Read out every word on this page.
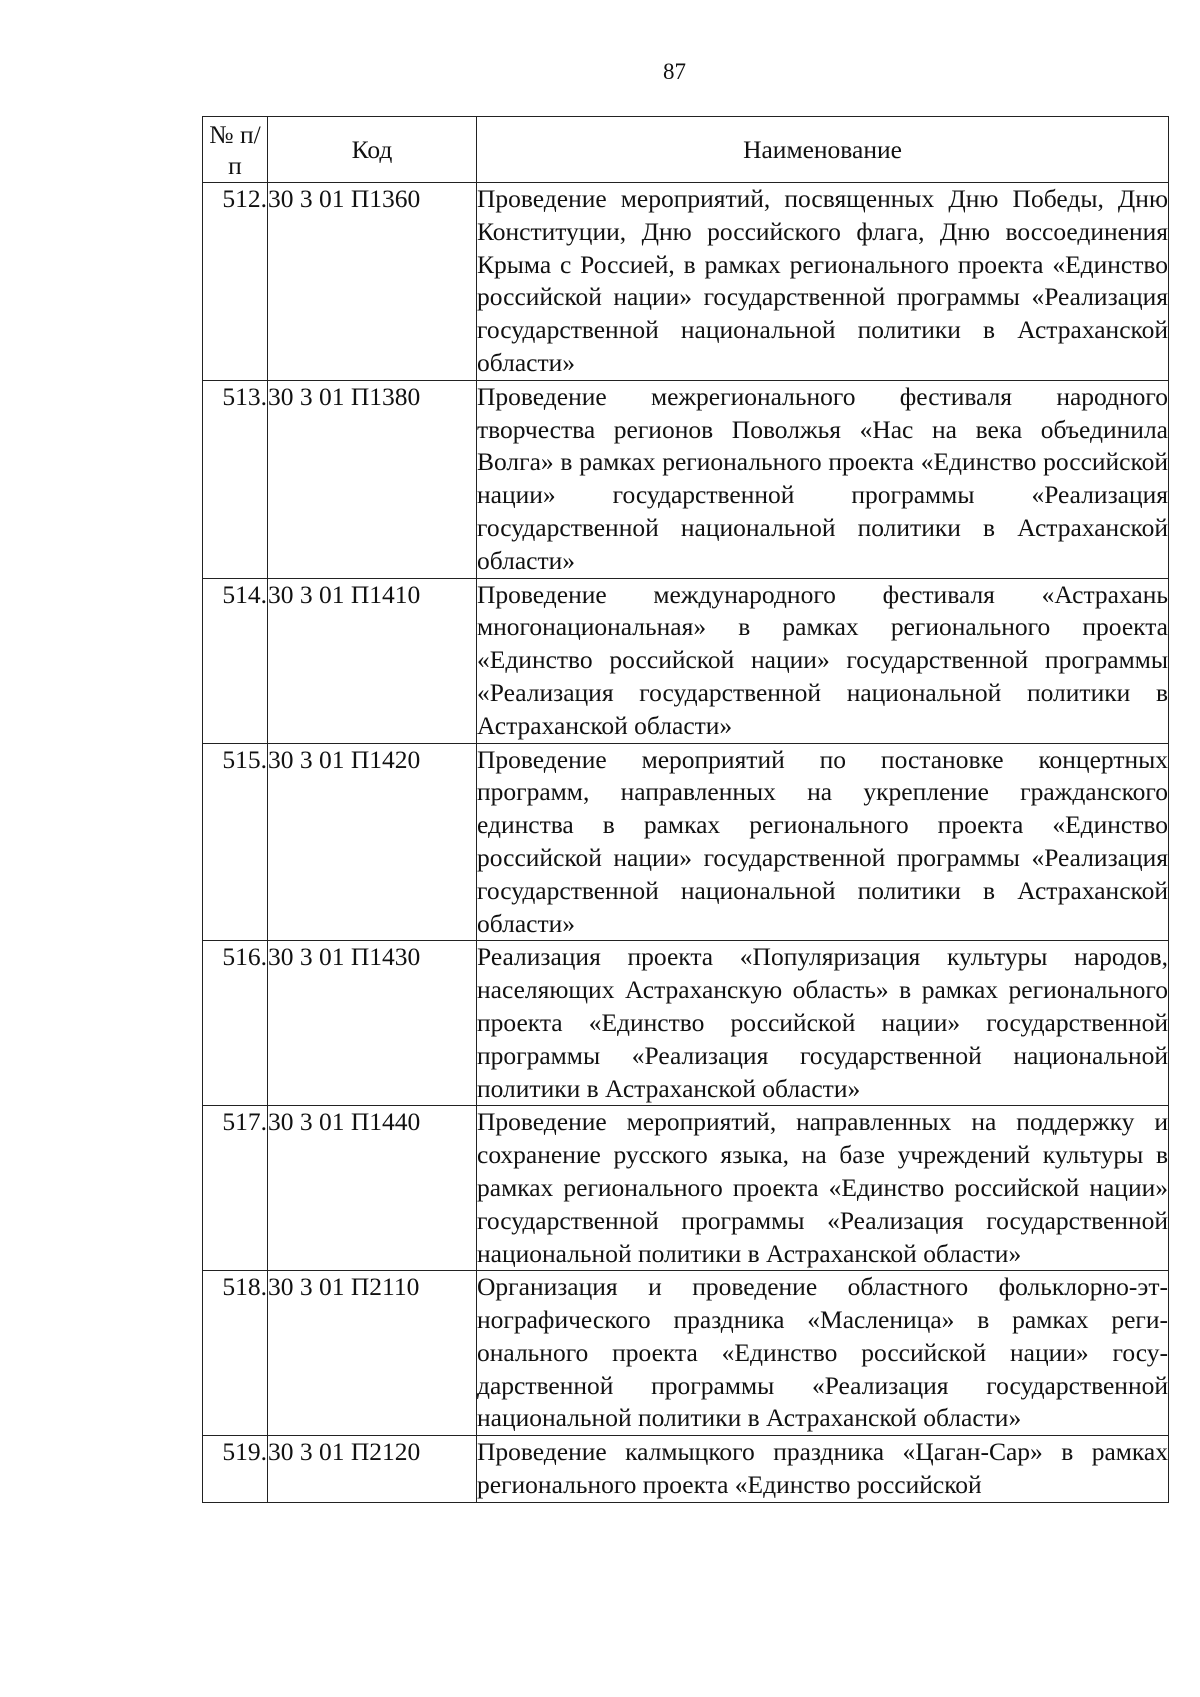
87
№ п/п	Код	Наименование
512.	30 3 01 П1360	Проведение мероприятий, посвященных Дню Победы, Дню Конституции, Дню российского флага, Дню воссоединения Крыма с Россией, в рамках регионального проекта «Единство российской нации» государственной программы «Реализация государственной национальной политики в Астраханской области»
513.	30 3 01 П1380	Проведение межрегионального фестиваля народного творчества регионов Поволжья «Нас на века объединила Волга» в рамках регионального проекта «Единство российской нации» государственной программы «Реализация государственной национальной политики в Астраханской области»
514.	30 3 01 П1410	Проведение международного фестиваля «Астрахань многонациональная» в рамках регионального проекта «Единство российской нации» государственной программы «Реализация государственной национальной политики в Астраханской области»
515.	30 3 01 П1420	Проведение мероприятий по постановке концертных программ, направленных на укрепление гражданского единства в рамках регионального проекта «Единство российской нации» государственной программы «Реализация государственной национальной политики в Астраханской области»
516.	30 3 01 П1430	Реализация проекта «Популяризация культуры народов, населяющих Астраханскую область» в рамках регионального проекта «Единство российской нации» государственной программы «Реализация государственной национальной политики в Астраханской области»
517.	30 3 01 П1440	Проведение мероприятий, направленных на поддержку и сохранение русского языка, на базе учреждений культуры в рамках регионального проекта «Единство российской нации» государственной программы «Реализация государственной национальной политики в Астраханской области»
518.	30 3 01 П2110	Организация и проведение областного фольклорно-этнографического праздника «Масленица» в рамках регионального проекта «Единство российской нации» государственной программы «Реализация государственной национальной политики в Астраханской области»
519.	30 3 01 П2120	Проведение калмыцкого праздника «Цаган-Сар» в рамках регионального проекта «Единство российской
